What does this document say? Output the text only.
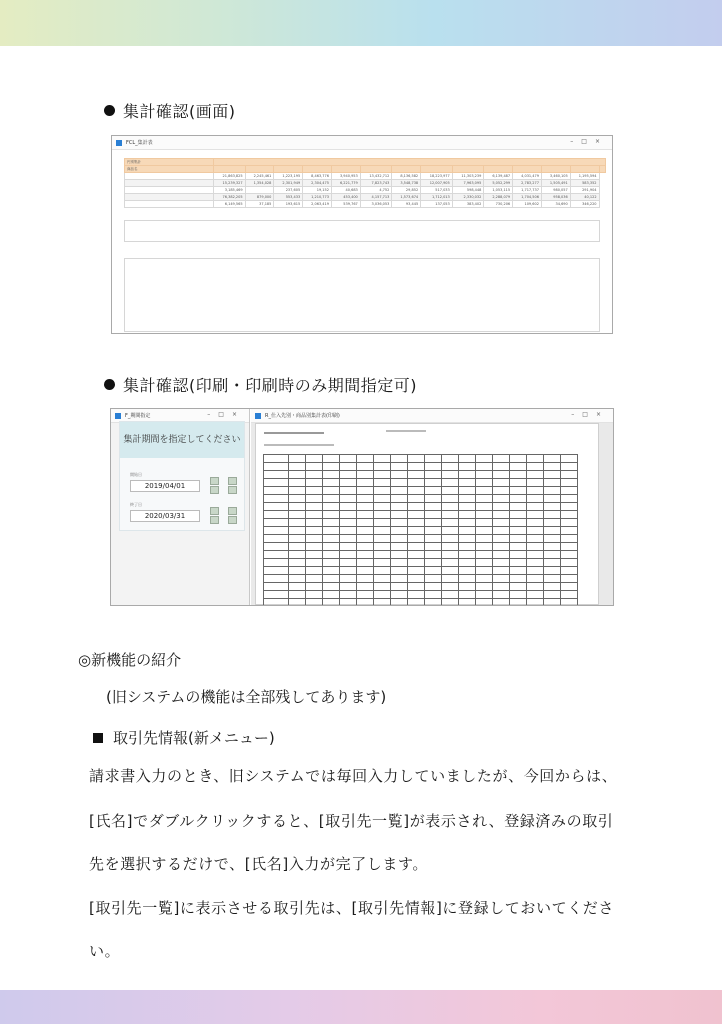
集計確認(画面)
FCL_集計表	–□×
円別集計														
商品名														
	21,863,825	2,245,461	1,223,195	8,463,776	3,940,953	13,432,712	8,136,582	18,223,977	11,303,239	6,139,487	4,031,479	3,460,105	1,195,594	
	15,239,327	1,354,028	2,301,949	2,304,475	6,221,779	7,823,743	3,548,738	12,007,905	7,963,095	5,052,299	2,783,277	1,505,491	583,352	
	3,185,469		237,605	19,152	40,683	4,752	29,852	517,033	598,448	1,053,115	1,717,737	980,057	291,904	
	76,382,205	879,000	553,433	1,210,773	453,400	4,157,713	1,573,674	1,712,013	2,330,032	2,288,079	1,704,506	958,036	40,122	
	6,149,565	37,185	193,615	2,063,419	539,767	3,036,053	93,445	137,053	383,402	730,206	109,602	34,690	346,220	
集計確認(印刷・印刷時のみ期間指定可)
F_期間指定	–□×
集計期間を指定してください
開始日
2019/04/01
終了日
2020/03/31
R_仕入先別・商品別集計表(印刷)	–□×

◎新機能の紹介
(旧システムの機能は全部残してあります)
取引先情報(新メニュー)
請求書入力のとき、旧システムでは毎回入力していましたが、今回からは、
[氏名]でダブルクリックすると、[取引先一覧]が表示され、登録済みの取引
先を選択するだけで、[氏名]入力が完了します。
[取引先一覧]に表示させる取引先は、[取引先情報]に登録しておいてくださ
い。
